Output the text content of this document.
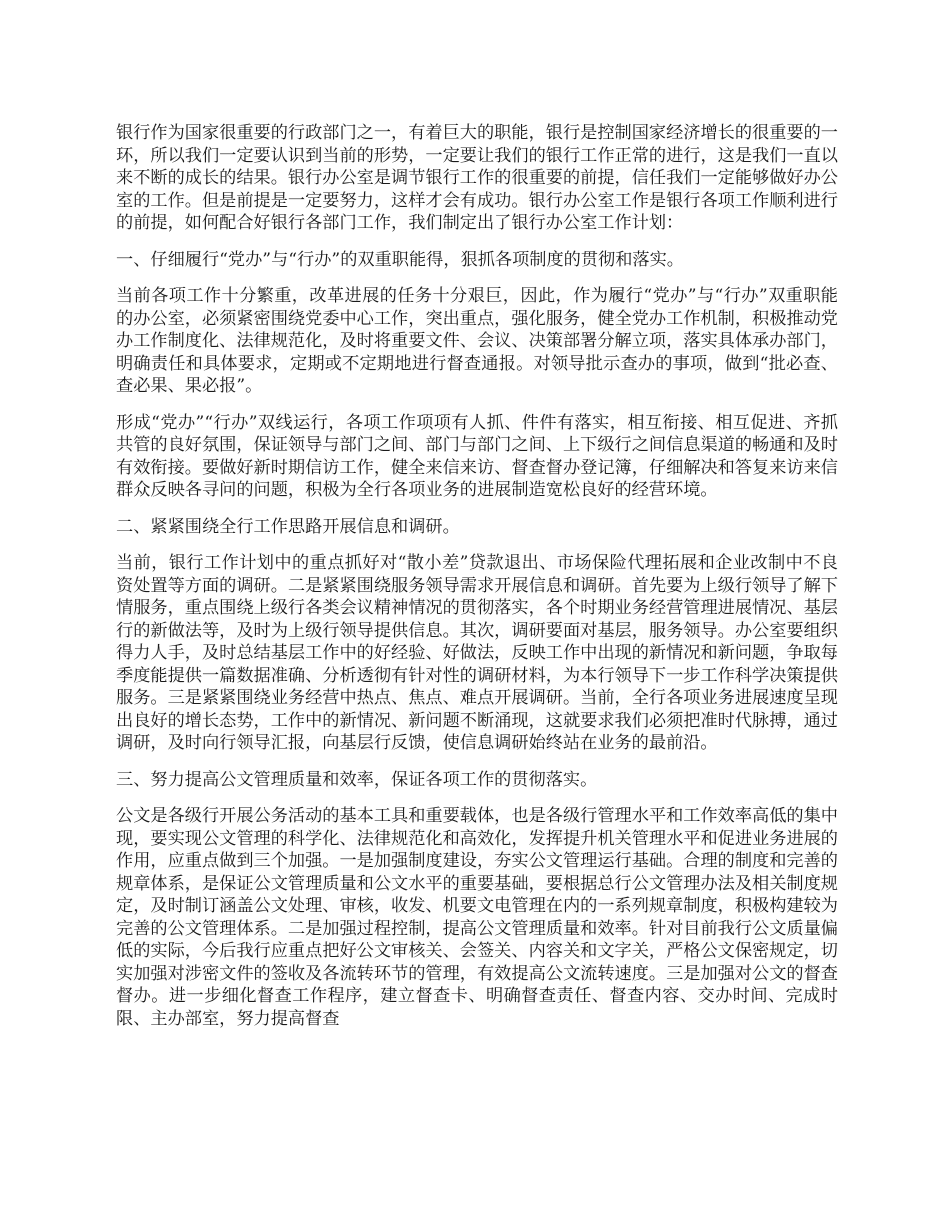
银行作为国家很重要的行政部门之一，有着巨大的职能，银行是控制国家经济增长的很重要的一环，所以我们一定要认识到当前的形势，一定要让我们的银行工作正常的进行，这是我们一直以来不断的成长的结果。银行办公室是调节银行工作的很重要的前提，信任我们一定能够做好办公室的工作。但是前提是一定要努力，这样才会有成功。银行办公室工作是银行各项工作顺利进行的前提，如何配合好银行各部门工作，我们制定出了银行办公室工作计划：

一、仔细履行“党办”与“行办”的双重职能得，狠抓各项制度的贯彻和落实。

当前各项工作十分繁重，改革进展的任务十分艰巨，因此，作为履行“党办”与“行办”双重职能的办公室，必须紧密围绕党委中心工作，突出重点，强化服务，健全党办工作机制，积极推动党办工作制度化、法律规范化，及时将重要文件、会议、决策部署分解立项，落实具体承办部门，明确责任和具体要求，定期或不定期地进行督查通报。对领导批示查办的事项，做到“批必查、查必果、果必报”。

形成“党办”“行办”双线运行，各项工作项项有人抓、件件有落实，相互衔接、相互促进、齐抓共管的良好氛围，保证领导与部门之间、部门与部门之间、上下级行之间信息渠道的畅通和及时有效衔接。要做好新时期信访工作，健全来信来访、督查督办登记簿，仔细解决和答复来访来信群众反映各寻问的问题，积极为全行各项业务的进展制造宽松良好的经营环境。

二、紧紧围绕全行工作思路开展信息和调研。

当前，银行工作计划中的重点抓好对“散小差”贷款退出、市场保险代理拓展和企业改制中不良资处置等方面的调研。二是紧紧围绕服务领导需求开展信息和调研。首先要为上级行领导了解下情服务，重点围绕上级行各类会议精神情况的贯彻落实，各个时期业务经营管理进展情况、基层行的新做法等，及时为上级行领导提供信息。其次，调研要面对基层，服务领导。办公室要组织得力人手，及时总结基层工作中的好经验、好做法，反映工作中出现的新情况和新问题，争取每季度能提供一篇数据准确、分析透彻有针对性的调研材料，为本行领导下一步工作科学决策提供服务。三是紧紧围绕业务经营中热点、焦点、难点开展调研。当前，全行各项业务进展速度呈现出良好的增长态势，工作中的新情况、新问题不断涌现，这就要求我们必须把准时代脉搏，通过调研，及时向行领导汇报，向基层行反馈，使信息调研始终站在业务的最前沿。

三、努力提高公文管理质量和效率，保证各项工作的贯彻落实。

公文是各级行开展公务活动的基本工具和重要载体，也是各级行管理水平和工作效率高低的集中现，要实现公文管理的科学化、法律规范化和高效化，发挥提升机关管理水平和促进业务进展的作用，应重点做到三个加强。一是加强制度建设，夯实公文管理运行基础。合理的制度和完善的规章体系，是保证公文管理质量和公文水平的重要基础，要根据总行公文管理办法及相关制度规定，及时制订涵盖公文处理、审核，收发、机要文电管理在内的一系列规章制度，积极构建较为完善的公文管理体系。二是加强过程控制，提高公文管理质量和效率。针对目前我行公文质量偏低的实际，今后我行应重点把好公文审核关、会签关、内容关和文字关，严格公文保密规定，切实加强对涉密文件的签收及各流转环节的管理，有效提高公文流转速度。三是加强对公文的督查督办。进一步细化督查工作程序，建立督查卡、明确督查责任、督查内容、交办时间、完成时限、主办部室，努力提高督查
